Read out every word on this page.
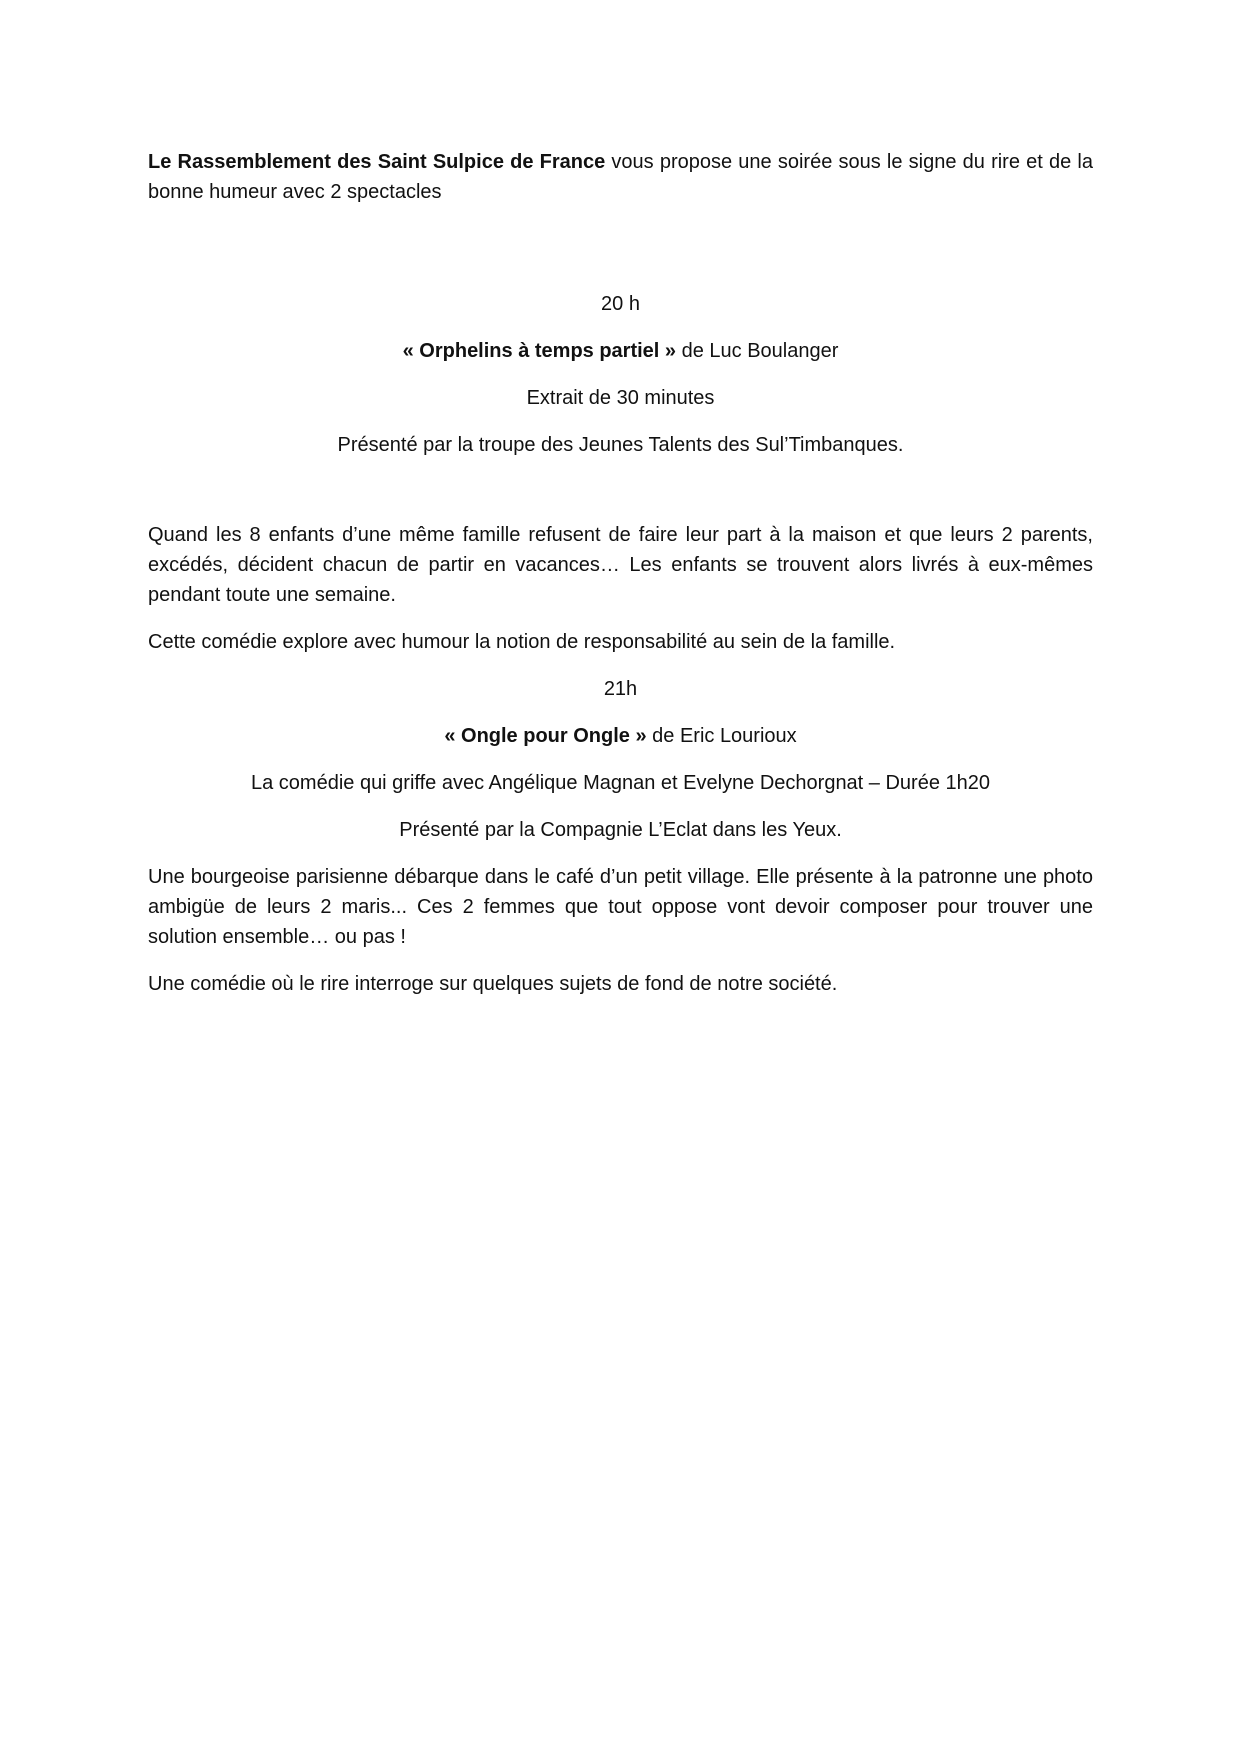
Le Rassemblement des Saint Sulpice de France vous propose une soirée sous le signe du rire et de la bonne humeur avec 2 spectacles

20 h

« Orphelins à temps partiel » de Luc Boulanger

Extrait de 30 minutes

Présenté par la troupe des Jeunes Talents des Sul’Timbanques.

Quand les 8 enfants d’une même famille refusent de faire leur part à la maison et que leurs 2 parents, excédés, décident chacun de partir en vacances… Les enfants se trouvent alors livrés à eux-mêmes pendant toute une semaine.

Cette comédie explore avec humour la notion de responsabilité au sein de la famille.

21h

« Ongle pour Ongle » de Eric Lourioux

La comédie qui griffe avec Angélique Magnan et Evelyne Dechorgnat – Durée 1h20

Présenté par la Compagnie L’Eclat dans les Yeux.

Une bourgeoise parisienne débarque dans le café d’un petit village. Elle présente à la patronne une photo ambigüe de leurs 2 maris... Ces 2 femmes que tout oppose vont devoir composer pour trouver une solution ensemble… ou pas !

Une comédie où le rire interroge sur quelques sujets de fond de notre société.
